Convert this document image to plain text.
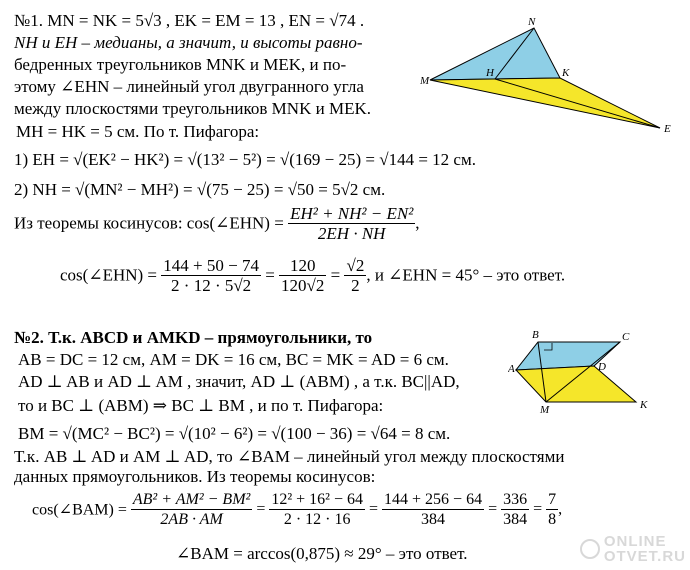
№1. MN = NK = 5√3 , EK = EM = 13 , EN = √74 .
NH и EH – медианы, а значит, и высоты равно-
бедренных треугольников MNK и MEK, и по-
этому ∠EHN – линейный угол двугранного угла
между плоскостями треугольников MNK и MEK.
MH = HK = 5 см. По т. Пифагора:
1) EH = √(EK² − HK²) = √(13² − 5²) = √(169 − 25) = √144 = 12 см.
2) NH = √(MN² − MH²) = √(75 − 25) = √50 = 5√2 см.
Из теоремы косинусов: cos(∠EHN) = $\frac{\text{EH² + NH² − EN²}}{2EH \cdot NH}$ ,
cos(∠EHN) = $\frac{144 + 50 - 74}{2 \cdot 12 \cdot 5√2} = \frac{120}{120√2} = \frac{√2}{2}$ , и ∠EHN = 45° – это ответ.
N
M
H	K
E
№2. Т.к. ABCD и AMKD – прямоугольники, то
AB = DC = 12 см, AM = DK = 16 см, BC = MK = AD = 6 см.
AD ⊥ AB и AD ⊥ AM , значит, AD ⊥ (ABM) , а т.к. BC||AD,
то и BC ⊥ (ABM) ⇒ BC ⊥ BM , и по т. Пифагора:
BM = √(MC² − BC²) = √(10² − 6²) = √(100 − 36) = √64 = 8 см.
Т.к. AB ⊥ AD и AM ⊥ AD, то ∠BAM – линейный угол между плоскостями
данных прямоугольников. Из теоремы косинусов:
cos(∠BAM) = $\frac{\text{AB² + AM² − BM²}}{2AB \cdot AM} = \frac{\text{12² + 16² − 64}}{2 \cdot 12 \cdot 16} = \frac{144 + 256 - 64}{384} = \frac{336}{384} = \frac{7}{8}$ ,
∠BAM = arccos(0,875) ≈ 29° – это ответ.
B	C
A	D
M	K
ONLINE
OTVET.RU
